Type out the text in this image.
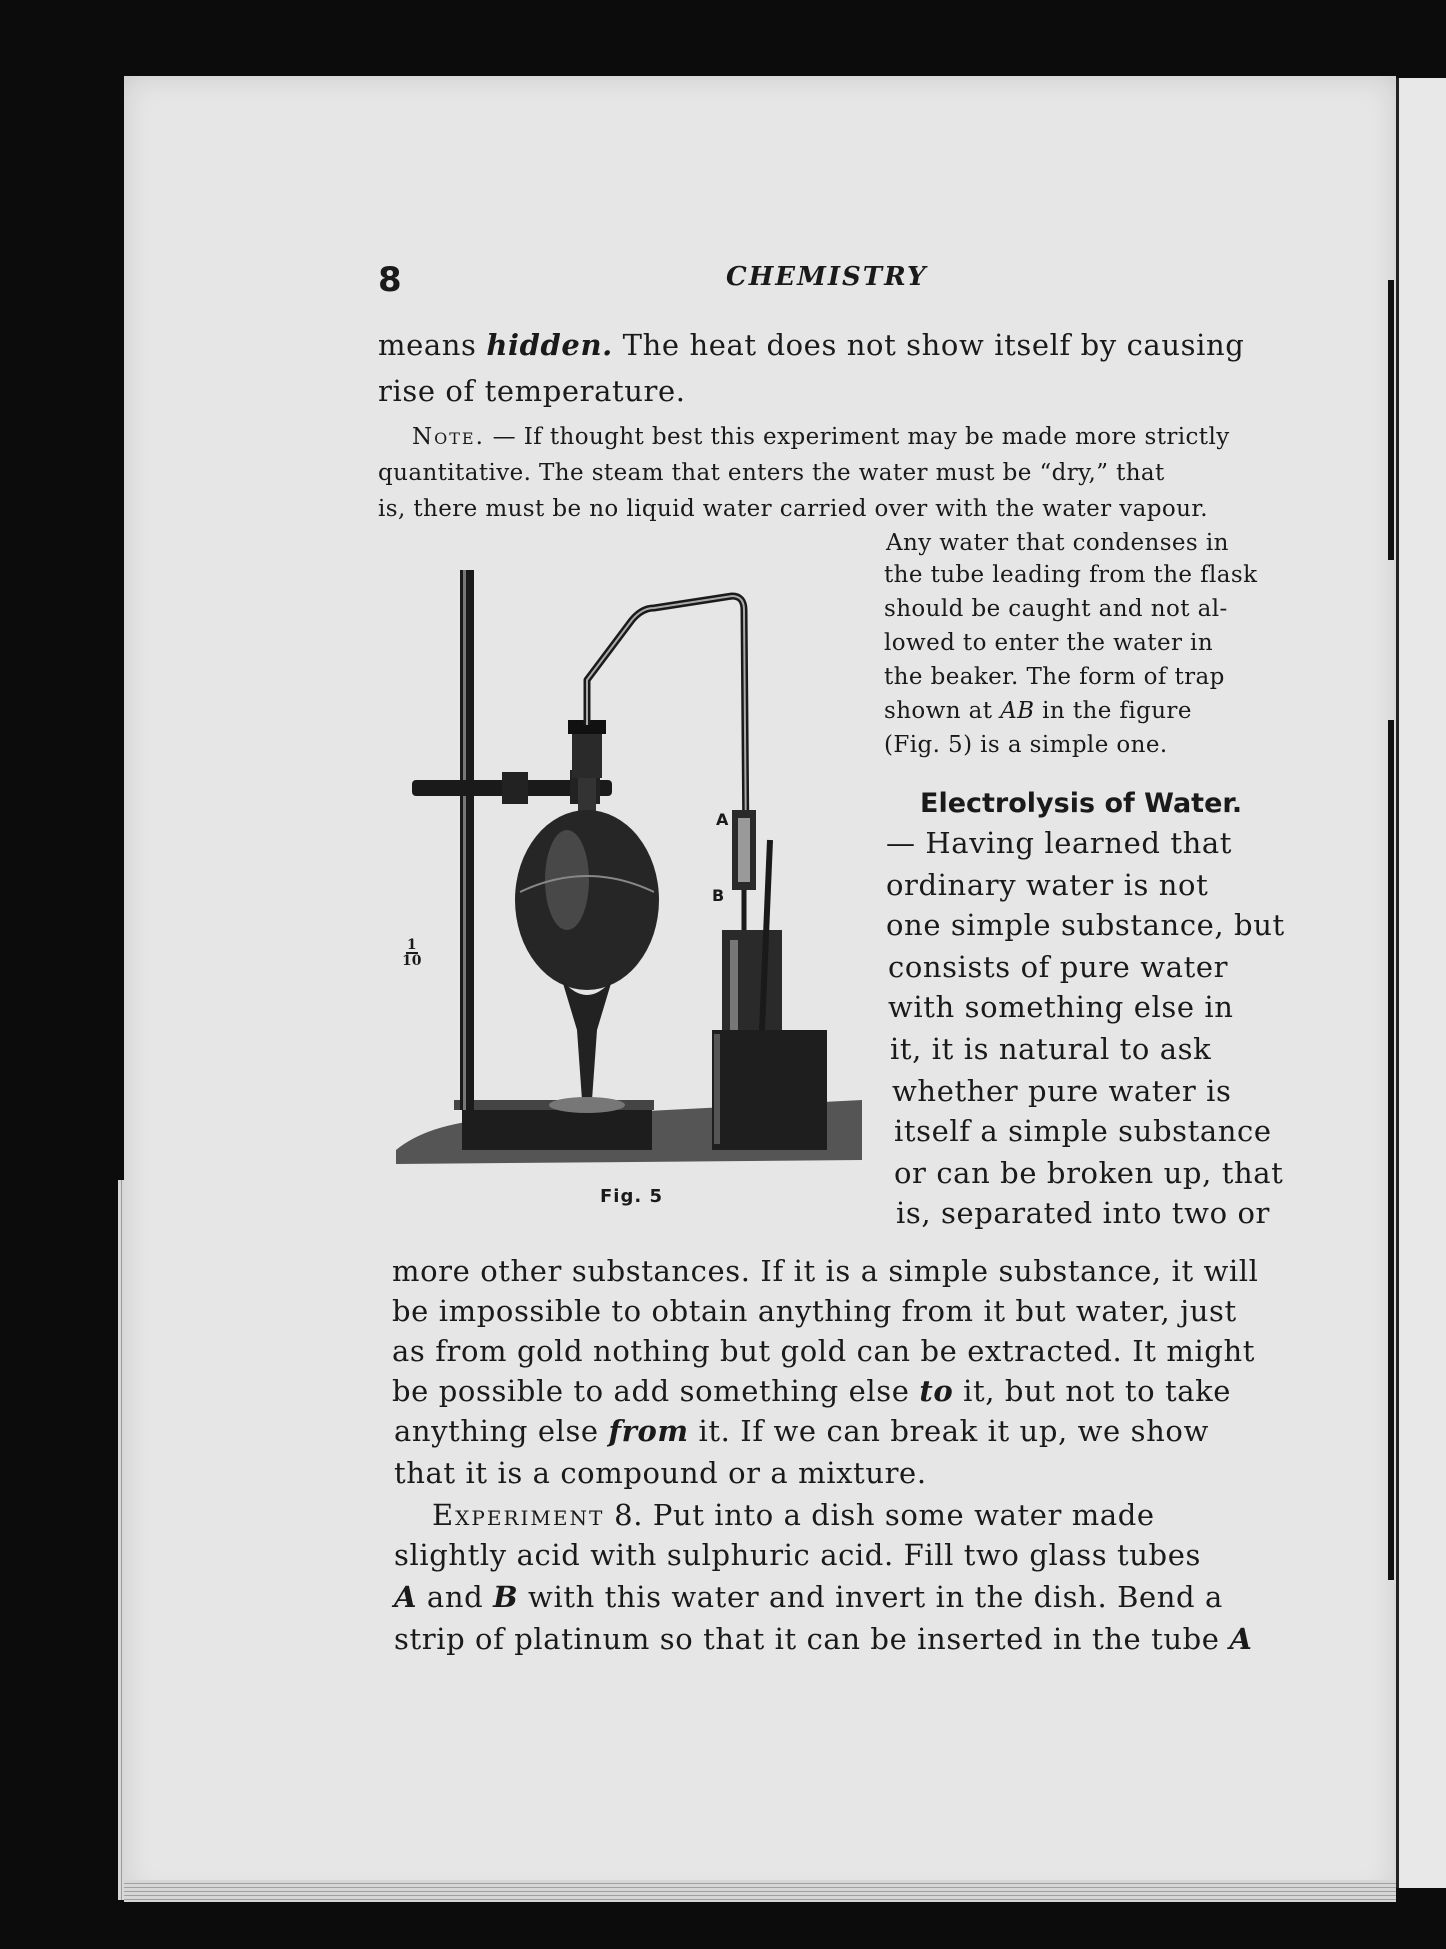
8	CHEMISTRY
means hidden. The heat does not show itself by causing
rise of temperature.
Note. — If thought best this experiment may be made more strictly
quantitative. The steam that enters the water must be “dry,” that
is, there must be no liquid water carried over with the water vapour.
Any water that condenses in
the tube leading from the flask
should be caught and not al-
lowed to enter the water in
the beaker. The form of trap
shown at AB in the figure
(Fig. 5) is a simple one.
Electrolysis of Water.
— Having learned that
ordinary water is not
one simple substance, but
consists of pure water
with something else in
it, it is natural to ask
whether pure water is
itself a simple substance
or can be broken up, that
is, separated into two or
more other substances. If it is a simple substance, it will
be impossible to obtain anything from it but water, just
as from gold nothing but gold can be extracted. It might
be possible to add something else to it, but not to take
anything else from it. If we can break it up, we show
that it is a compound or a mixture.
Experiment 8. Put into a dish some water made
slightly acid with sulphuric acid. Fill two glass tubes
A and B with this water and invert in the dish. Bend a
strip of platinum so that it can be inserted in the tube A
A
B
1
10
Fig. 5
